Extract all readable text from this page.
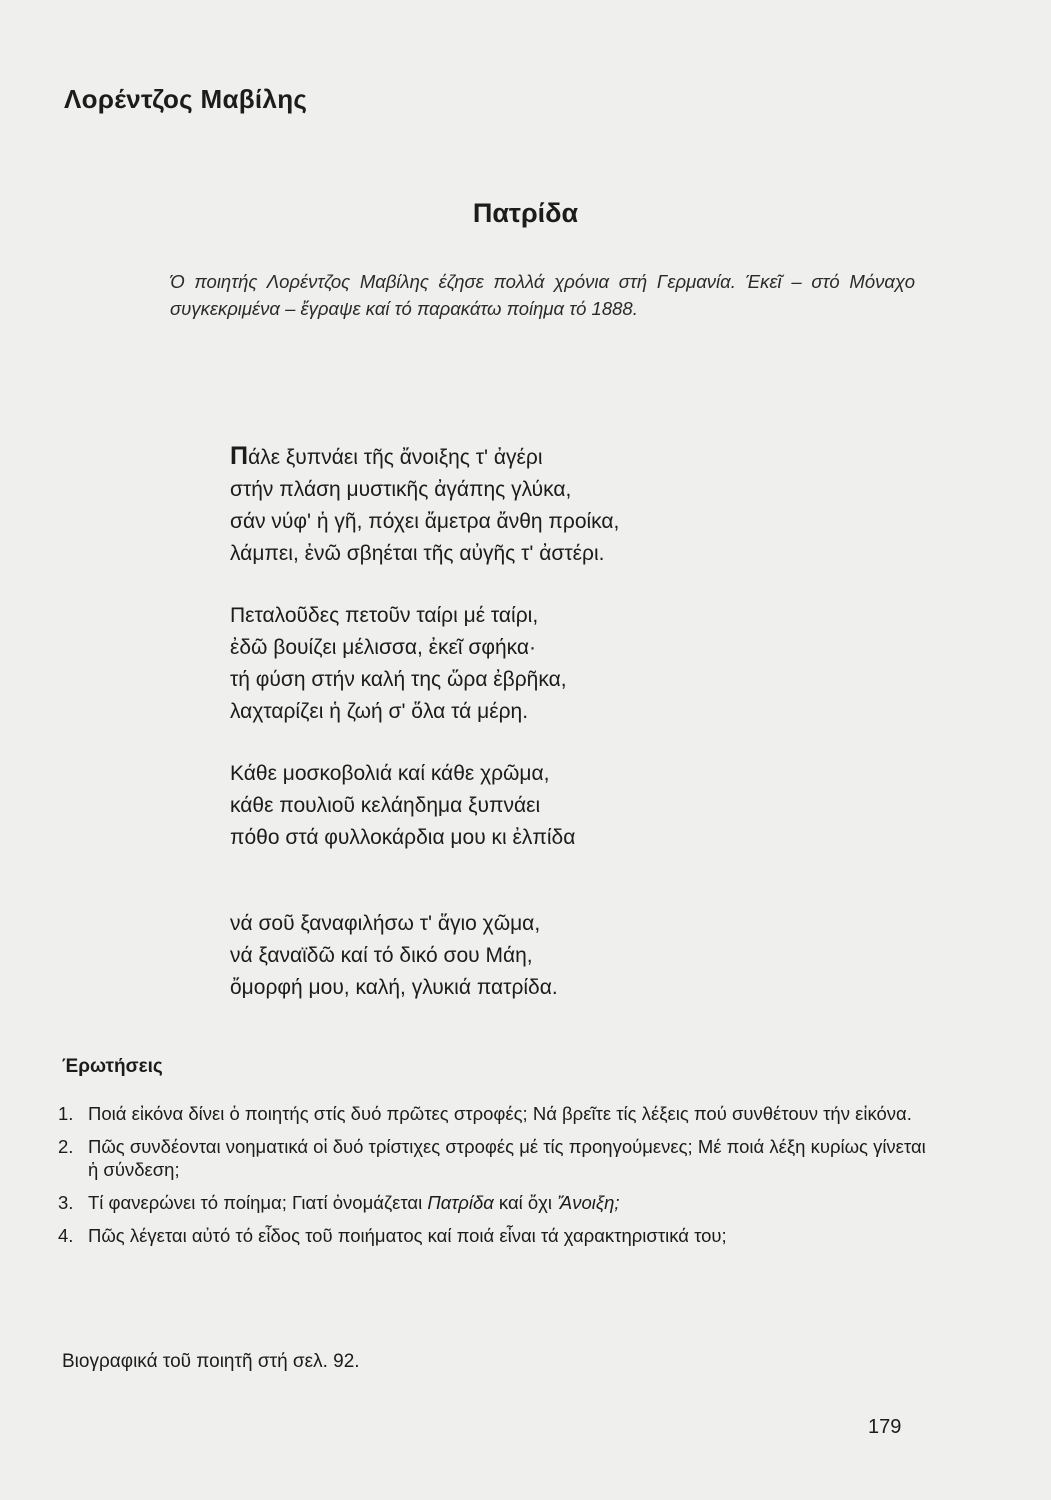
Λορέντζος Μαβίλης
Πατρίδα
Ό ποιητής Λορέντζος Μαβίλης έζησε πολλά χρόνια στή Γερμανία. Έκεῖ – στό Μόναχο συγκεκριμένα – ἔγραψε καί τό παρακάτω ποίημα τό 1888.
Πάλε ξυπνάει τῆς ἄνοιξης τ' ἀγέρι
στήν πλάση μυστικῆς ἀγάπης γλύκα,
σάν νύφ' ἡ γῆ, πόχει ἄμετρα ἄνθη προίκα,
λάμπει, ἐνῶ σβηέται τῆς αὐγῆς τ' ἀστέρι.
Πεταλοῦδες πετοῦν ταίρι μέ ταίρι,
ἐδῶ βουίζει μέλισσα, ἐκεῖ σφήκα·
τή φύση στήν καλή της ὥρα ἐβρῆκα,
λαχταρίζει ἡ ζωή σ' ὅλα τά μέρη.
Κάθε μοσκοβολιά καί κάθε χρῶμα,
κάθε πουλιοῦ κελάηδημα ξυπνάει
πόθο στά φυλλοκάρδια μου κι ἐλπίδα
νά σοῦ ξαναφιλήσω τ' ἅγιο χῶμα,
νά ξαναϊδῶ καί τό δικό σου Μάη,
ὄμορφή μου, καλή, γλυκιά πατρίδα.
Έρωτήσεις
1. Ποιά εἰκόνα δίνει ὁ ποιητής στίς δυό πρῶτες στροφές; Νά βρεῖτε τίς λέξεις πού συνθέτουν τήν εἰκόνα.
2. Πῶς συνδέονται νοηματικά οἱ δυό τρίστιχες στροφές μέ τίς προηγούμενες; Μέ ποιά λέξη κυρίως γίνεται ἡ σύνδεση;
3. Τί φανερώνει τό ποίημα; Γιατί ὀνομάζεται Πατρίδα καί ὄχι Ἄνοιξη;
4. Πῶς λέγεται αὐτό τό εἶδος τοῦ ποιήματος καί ποιά εἶναι τά χαρακτηριστικά του;
Βιογραφικά τοῦ ποιητῆ στή σελ. 92.
179
